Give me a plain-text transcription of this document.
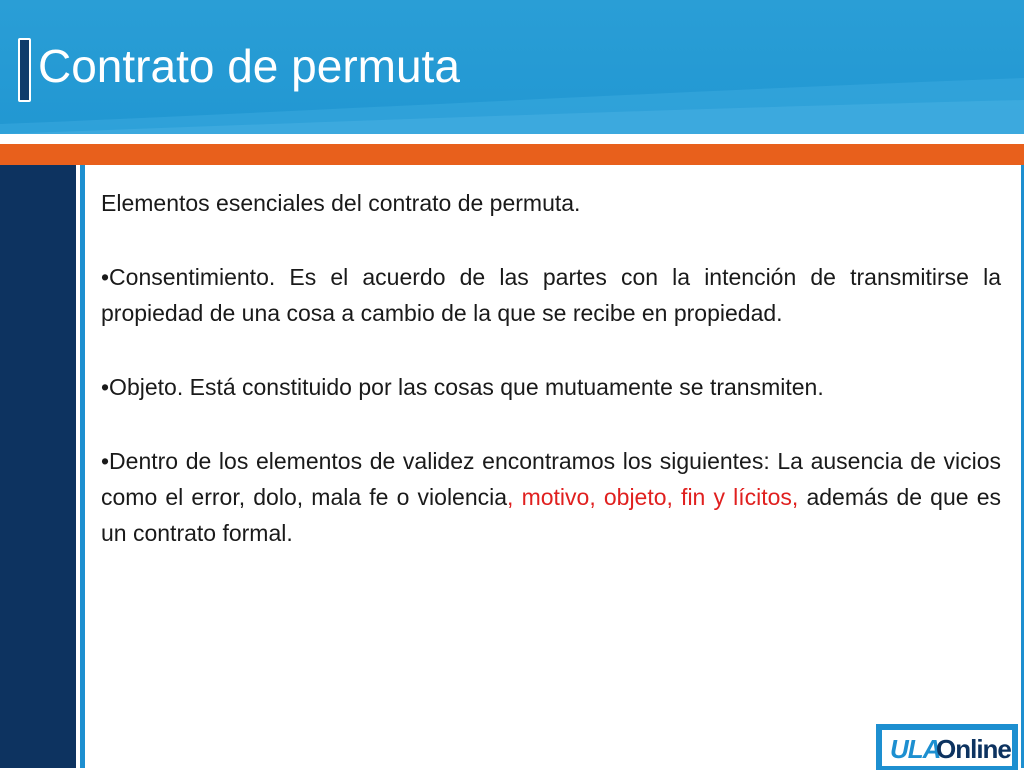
Contrato de permuta

Elementos esenciales del contrato de permuta.

•Consentimiento. Es el acuerdo de las partes con la intención de transmitirse la propiedad de una cosa a cambio de la que se recibe en propiedad.

•Objeto. Está constituido por las cosas que mutuamente se transmiten.

•Dentro de los elementos de validez encontramos los siguientes: La ausencia de vicios como el error, dolo, mala fe o violencia, motivo, objeto, fin y lícitos, además de que es un contrato formal.

ULA
Online
